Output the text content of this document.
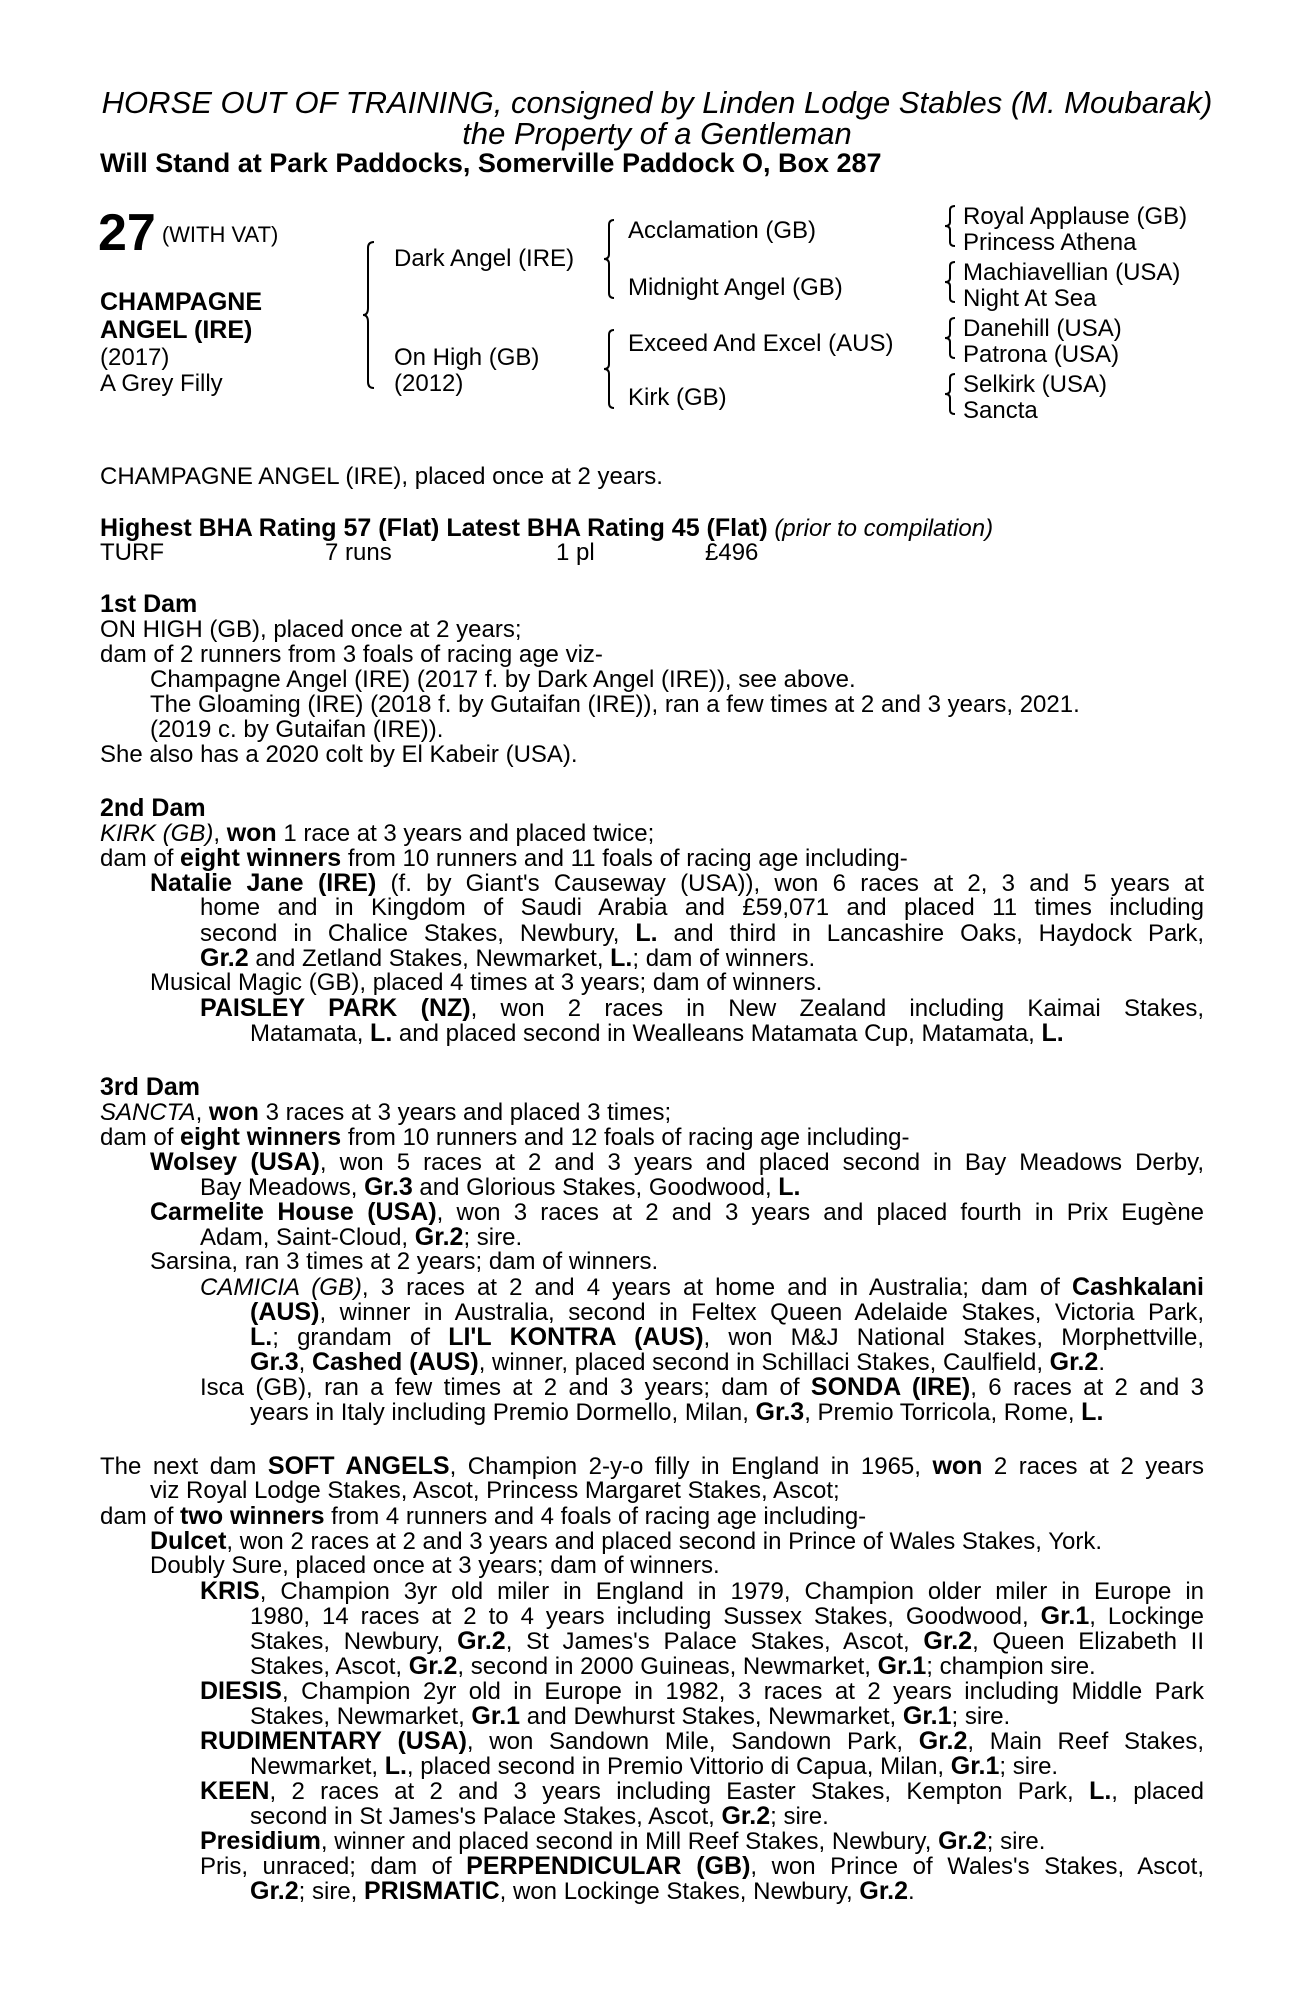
HORSE OUT OF TRAINING, consigned by Linden Lodge Stables (M. Moubarak)
the Property of a Gentleman
Will Stand at Park Paddocks, Somerville Paddock O, Box 287
27 (WITH VAT)
CHAMPAGNE
ANGEL (IRE)
(2017)
A Grey Filly
Dark Angel (IRE)
On High (GB)
(2012)
Acclamation (GB)
Midnight Angel (GB)
Exceed And Excel (AUS)
Kirk (GB)
Royal Applause (GB)
Princess Athena
Machiavellian (USA)
Night At Sea
Danehill (USA)
Patrona (USA)
Selkirk (USA)
Sancta
CHAMPAGNE ANGEL (IRE), placed once at 2 years.
Highest BHA Rating 57 (Flat) Latest BHA Rating 45 (Flat) (prior to compilation)
TURF	7 runs	1 pl	£496
1st Dam
ON HIGH (GB), placed once at 2 years;
dam of 2 runners from 3 foals of racing age viz-
Champagne Angel (IRE) (2017 f. by Dark Angel (IRE)), see above.
The Gloaming (IRE) (2018 f. by Gutaifan (IRE)), ran a few times at 2 and 3 years, 2021.
(2019 c. by Gutaifan (IRE)).
She also has a 2020 colt by El Kabeir (USA).
2nd Dam
KIRK (GB), won 1 race at 3 years and placed twice;
dam of eight winners from 10 runners and 11 foals of racing age including-
Natalie Jane (IRE) (f. by Giant's Causeway (USA)), won 6 races at 2, 3 and 5 years at
home and in Kingdom of Saudi Arabia and £59,071 and placed 11 times including
second in Chalice Stakes, Newbury, L. and third in Lancashire Oaks, Haydock Park,
Gr.2 and Zetland Stakes, Newmarket, L.; dam of winners.
Musical Magic (GB), placed 4 times at 3 years; dam of winners.
PAISLEY PARK (NZ), won 2 races in New Zealand including Kaimai Stakes,
Matamata, L. and placed second in Wealleans Matamata Cup, Matamata, L.
3rd Dam
SANCTA, won 3 races at 3 years and placed 3 times;
dam of eight winners from 10 runners and 12 foals of racing age including-
Wolsey (USA), won 5 races at 2 and 3 years and placed second in Bay Meadows Derby,
Bay Meadows, Gr.3 and Glorious Stakes, Goodwood, L.
Carmelite House (USA), won 3 races at 2 and 3 years and placed fourth in Prix Eugène
Adam, Saint-Cloud, Gr.2; sire.
Sarsina, ran 3 times at 2 years; dam of winners.
CAMICIA (GB), 3 races at 2 and 4 years at home and in Australia; dam of Cashkalani
(AUS), winner in Australia, second in Feltex Queen Adelaide Stakes, Victoria Park,
L.; grandam of LI'L KONTRA (AUS), won M&J National Stakes, Morphettville,
Gr.3, Cashed (AUS), winner, placed second in Schillaci Stakes, Caulfield, Gr.2.
Isca (GB), ran a few times at 2 and 3 years; dam of SONDA (IRE), 6 races at 2 and 3
years in Italy including Premio Dormello, Milan, Gr.3, Premio Torricola, Rome, L.
The next dam SOFT ANGELS, Champion 2-y-o filly in England in 1965, won 2 races at 2 years
viz Royal Lodge Stakes, Ascot, Princess Margaret Stakes, Ascot;
dam of two winners from 4 runners and 4 foals of racing age including-
Dulcet, won 2 races at 2 and 3 years and placed second in Prince of Wales Stakes, York.
Doubly Sure, placed once at 3 years; dam of winners.
KRIS, Champion 3yr old miler in England in 1979, Champion older miler in Europe in
1980, 14 races at 2 to 4 years including Sussex Stakes, Goodwood, Gr.1, Lockinge
Stakes, Newbury, Gr.2, St James's Palace Stakes, Ascot, Gr.2, Queen Elizabeth II
Stakes, Ascot, Gr.2, second in 2000 Guineas, Newmarket, Gr.1; champion sire.
DIESIS, Champion 2yr old in Europe in 1982, 3 races at 2 years including Middle Park
Stakes, Newmarket, Gr.1 and Dewhurst Stakes, Newmarket, Gr.1; sire.
RUDIMENTARY (USA), won Sandown Mile, Sandown Park, Gr.2, Main Reef Stakes,
Newmarket, L., placed second in Premio Vittorio di Capua, Milan, Gr.1; sire.
KEEN, 2 races at 2 and 3 years including Easter Stakes, Kempton Park, L., placed
second in St James's Palace Stakes, Ascot, Gr.2; sire.
Presidium, winner and placed second in Mill Reef Stakes, Newbury, Gr.2; sire.
Pris, unraced; dam of PERPENDICULAR (GB), won Prince of Wales's Stakes, Ascot,
Gr.2; sire, PRISMATIC, won Lockinge Stakes, Newbury, Gr.2.
